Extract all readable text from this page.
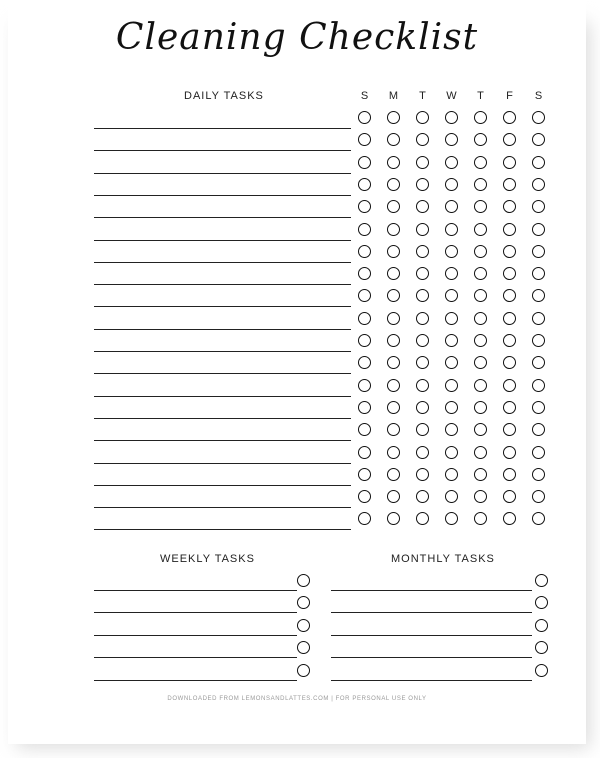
Cleaning Checklist
DAILY TASKS	S	M	T	W	T	F	S
WEEKLY TASKS	MONTHLY TASKS
DOWNLOADED FROM LEMONSANDLATTES.COM | FOR PERSONAL USE ONLY
